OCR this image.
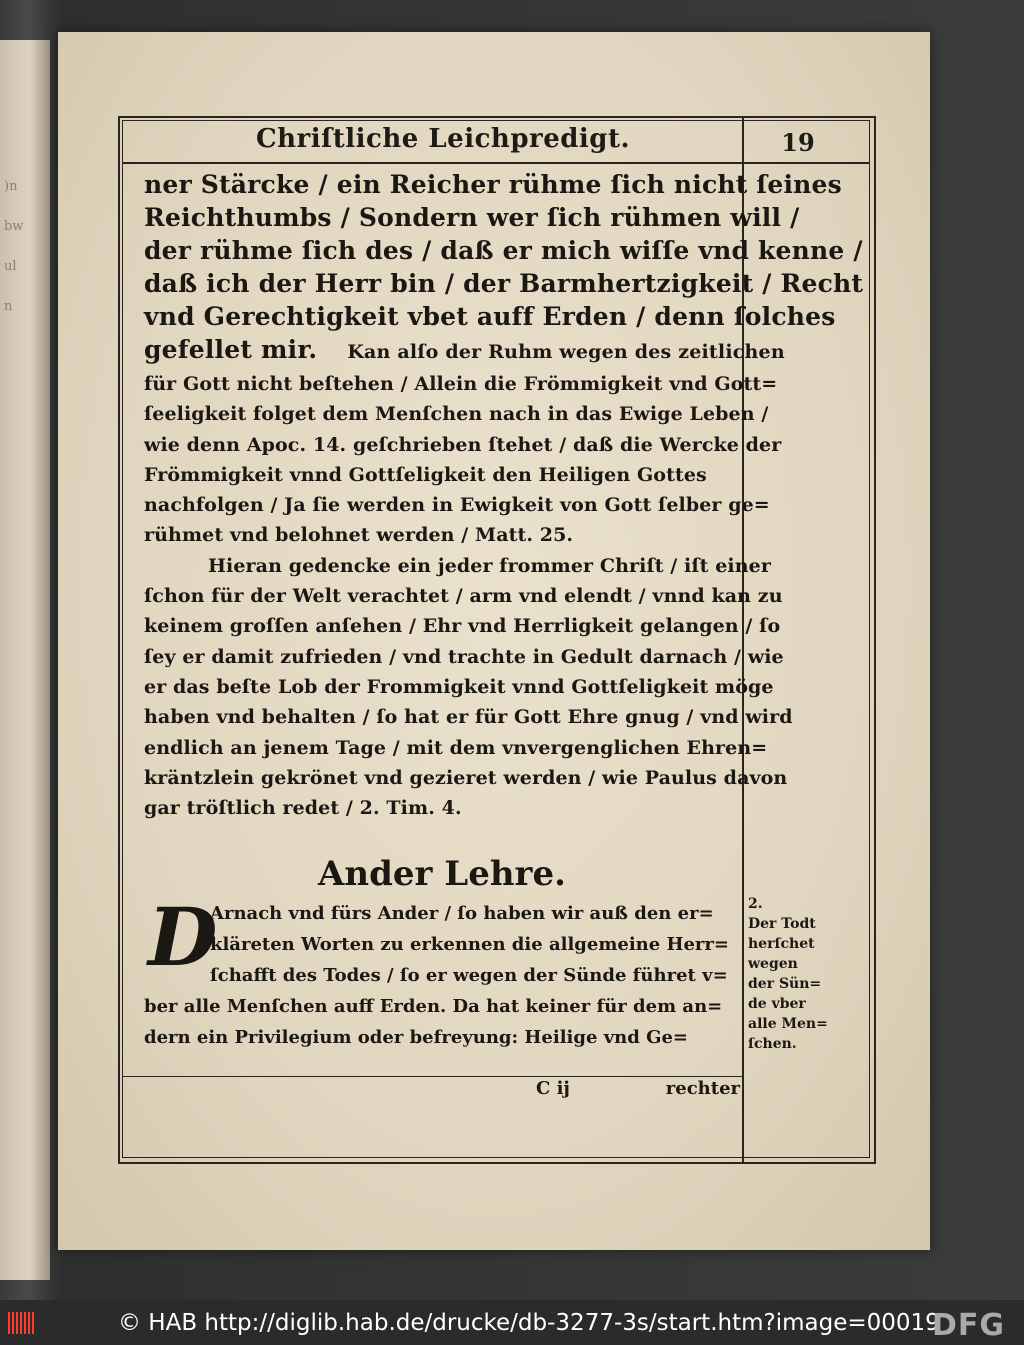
)n
bw
ul
n
Chriſtliche Leichpredigt.	19
ner Stärcke / ein Reicher rühme ſich nicht ſeines
Reichthumbs / Sondern wer ſich rühmen will /
der rühme ſich des / daß er mich wiſſe vnd kenne /
daß ich der Herr bin / der Barmhertzigkeit / Recht
vnd Gerechtigkeit vbet auff Erden / denn ſolches
gefellet mir. Kan alſo der Ruhm wegen des zeitlichen
für Gott nicht beſtehen / Allein die Frömmigkeit vnd Gott=
ſeeligkeit folget dem Menſchen nach in das Ewige Leben /
wie denn Apoc. 14. geſchrieben ſtehet / daß die Wercke der
Frömmigkeit vnnd Gottſeligkeit den Heiligen Gottes
nachfolgen / Ja ſie werden in Ewigkeit von Gott ſelber ge=
rühmet vnd belohnet werden / Matt. 25.
Hieran gedencke ein jeder frommer Chriſt / iſt einer
ſchon für der Welt verachtet / arm vnd elendt / vnnd kan zu
keinem groſſen anſehen / Ehr vnd Herrligkeit gelangen / ſo
ſey er damit zufrieden / vnd trachte in Gedult darnach / wie
er das beſte Lob der Frommigkeit vnnd Gottſeligkeit möge
haben vnd behalten / ſo hat er für Gott Ehre gnug / vnd wird
endlich an jenem Tage / mit dem vnvergenglichen Ehren=
kräntzlein gekrönet vnd gezieret werden / wie Paulus davon
gar tröſtlich redet / 2. Tim. 4.
Ander Lehre.
D
Arnach vnd fürs Ander / ſo haben wir auß den er=
kläreten Worten zu erkennen die allgemeine Herr=
ſchafft des Todes / ſo er wegen der Sünde führet v=
ber alle Menſchen auff Erden. Da hat keiner für dem an=
dern ein Privilegium oder befreyung: Heilige vnd Ge=
C ij	rechter
2.
Der Todt
herſchet
wegen
der Sün=
de vber
alle Men=
ſchen.
© HAB http://diglib.hab.de/drucke/db-3277-3s/start.htm?image=00019
DFG
